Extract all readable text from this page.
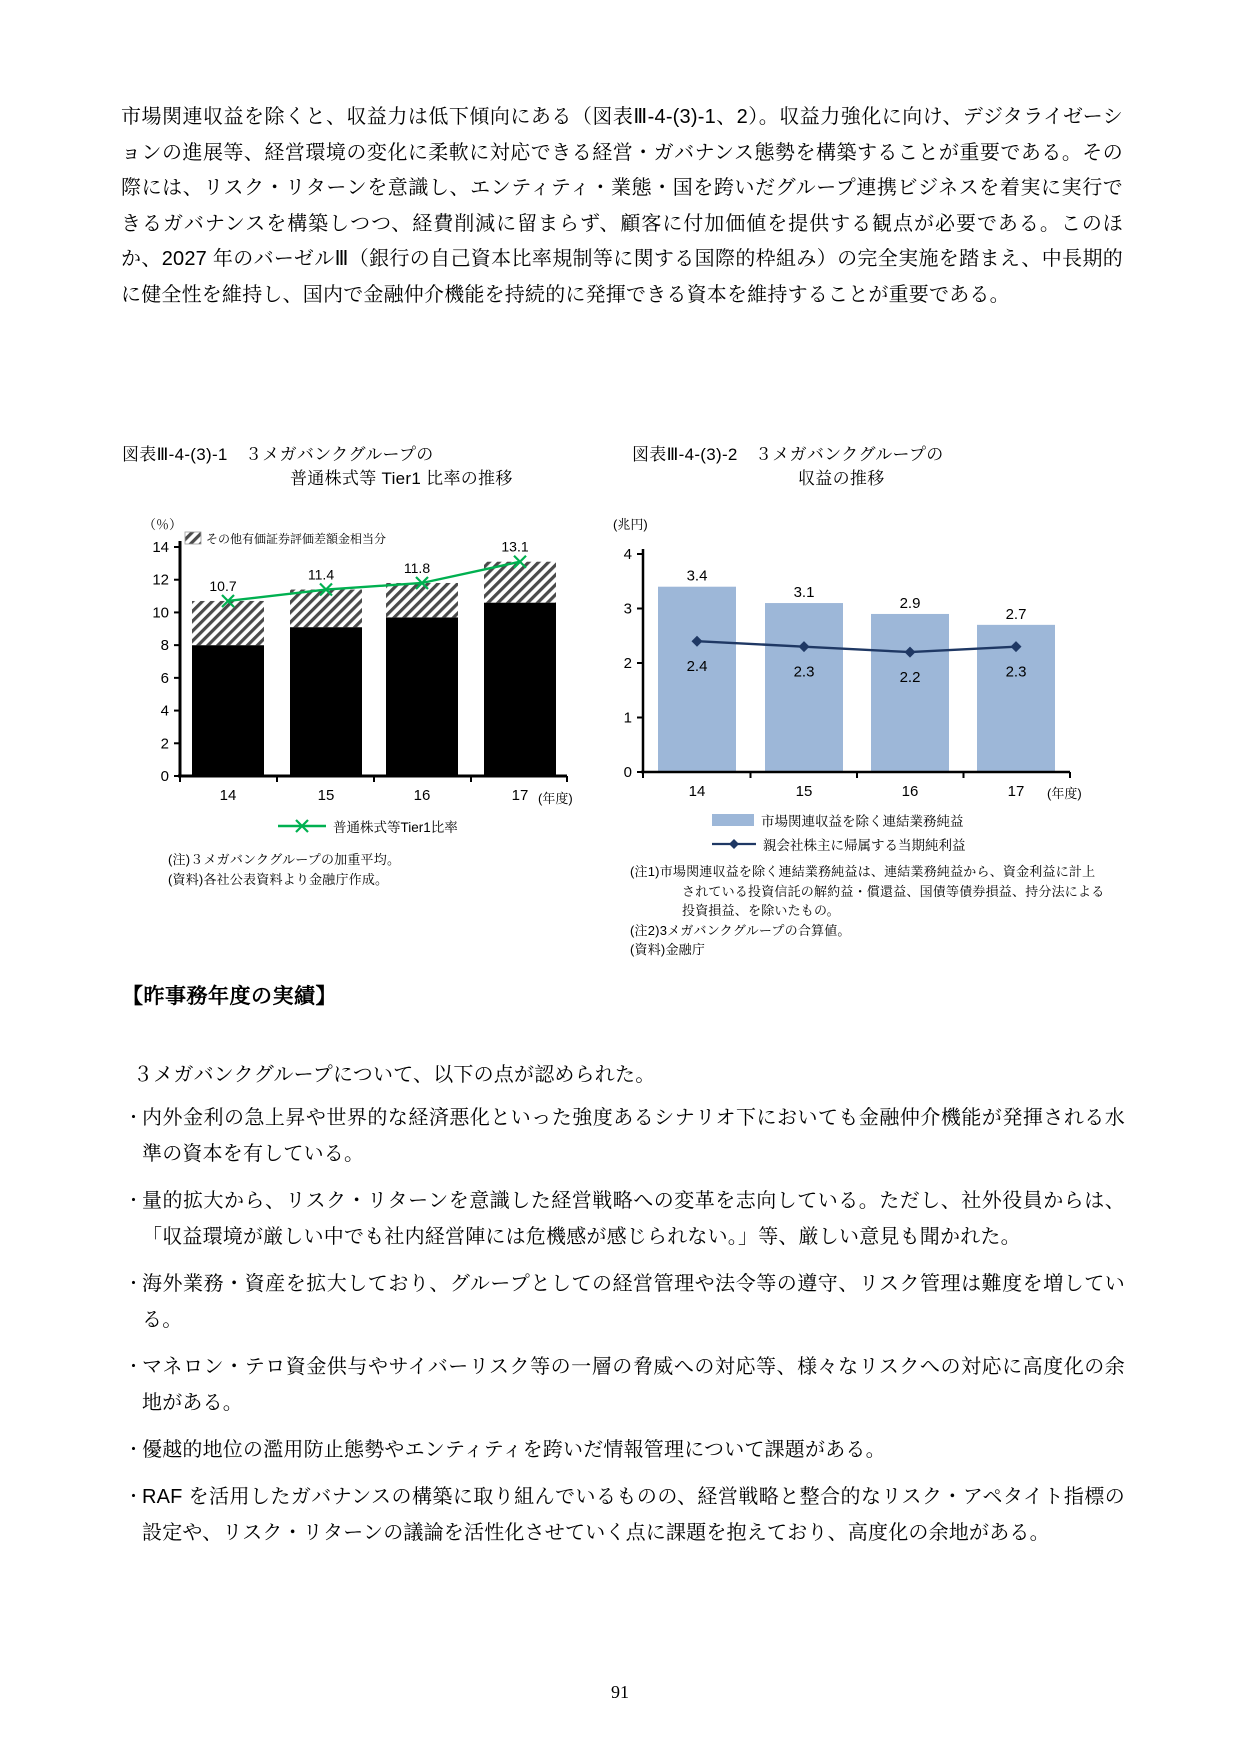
市場関連収益を除くと、収益力は低下傾向にある（図表Ⅲ-4-(3)-1、2）。収益力強化に向け、デジタライゼーションの進展等、経営環境の変化に柔軟に対応できる経営・ガバナンス態勢を構築することが重要である。その際には、リスク・リターンを意識し、エンティティ・業態・国を跨いだグループ連携ビジネスを着実に実行できるガバナンスを構築しつつ、経費削減に留まらず、顧客に付加価値を提供する観点が必要である。このほか、2027 年のバーゼルⅢ（銀行の自己資本比率規制等に関する国際的枠組み）の完全実施を踏まえ、中長期的に健全性を維持し、国内で金融仲介機能を持続的に発揮できる資本を維持することが重要である。

図表Ⅲ-4-(3)-1　３メガバンクグループの
普通株式等 Tier1 比率の推移
（％）
0
2
4
6
8
10
12
14
14	15	16	17 (年度)
その他有価証券評価差額金相当分
10.7
11.4	11.8
13.1
普通株式等Tier1比率
(注)３メガバンクグループの加重平均。
(資料)各社公表資料より金融庁作成。
図表Ⅲ-4-(3)-2　３メガバンクグループの
収益の推移
(兆円)
3.4
3.1
2.9
2.7
0
1
2
3
4
14	15	16	17 (年度)
2.4	2.3	2.2	2.3
市場関連収益を除く連結業務純益
親会社株主に帰属する当期純利益
(注1)市場関連収益を除く連結業務純益は、連結業務純益から、資金利益に計上されている投資信託の解約益・償還益、国債等債券損益、持分法による投資損益、を除いたもの。
(注2)3メガバンクグループの合算値。
(資料)金融庁
【昨事務年度の実績】
３メガバンクグループについて、以下の点が認められた。
・ 内外金利の急上昇や世界的な経済悪化といった強度あるシナリオ下においても金融仲介機能が発揮される水準の資本を有している。
・ 量的拡大から、リスク・リターンを意識した経営戦略への変革を志向している。ただし、社外役員からは、「収益環境が厳しい中でも社内経営陣には危機感が感じられない。」等、厳しい意見も聞かれた。
・ 海外業務・資産を拡大しており、グループとしての経営管理や法令等の遵守、リスク管理は難度を増している。
・ マネロン・テロ資金供与やサイバーリスク等の一層の脅威への対応等、様々なリスクへの対応に高度化の余地がある。
・ 優越的地位の濫用防止態勢やエンティティを跨いだ情報管理について課題がある。
・ RAF を活用したガバナンスの構築に取り組んでいるものの、経営戦略と整合的なリスク・アペタイト指標の設定や、リスク・リターンの議論を活性化させていく点に課題を抱えており、高度化の余地がある。
91
